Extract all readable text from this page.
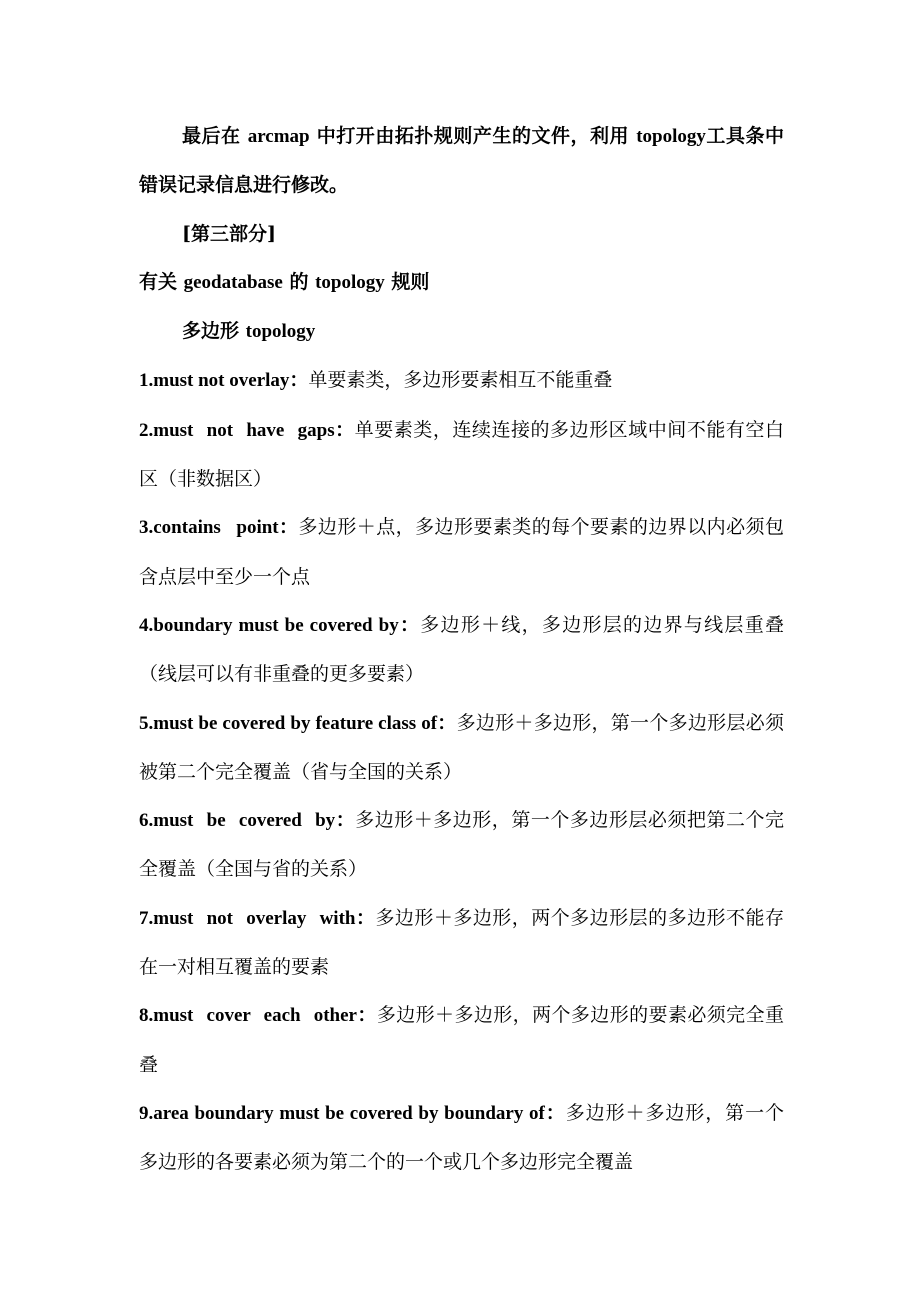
最后在 arcmap 中打开由拓扑规则产生的文件，利用 topology工具条中错误记录信息进行修改。

[第三部分]

有关 geodatabase 的 topology 规则

多边形 topology

1.must not overlay：单要素类，多边形要素相互不能重叠

2.must not have gaps：单要素类，连续连接的多边形区域中间不能有空白区（非数据区）

3.contains   point：多边形＋点，多边形要素类的每个要素的边界以内必须包含点层中至少一个点

4.boundary must be covered by：多边形＋线，多边形层的边界与线层重叠（线层可以有非重叠的更多要素）

5.must be covered by feature class of：多边形＋多边形，第一个多边形层必须被第二个完全覆盖（省与全国的关系）

6.must be covered by：多边形＋多边形，第一个多边形层必须把第二个完全覆盖（全国与省的关系）

7.must not overlay with：多边形＋多边形，两个多边形层的多边形不能存在一对相互覆盖的要素

8.must cover each other：多边形＋多边形，两个多边形的要素必须完全重叠

9.area boundary must be covered by boundary of：多边形＋多边形，第一个多边形的各要素必须为第二个的一个或几个多边形完全覆盖
